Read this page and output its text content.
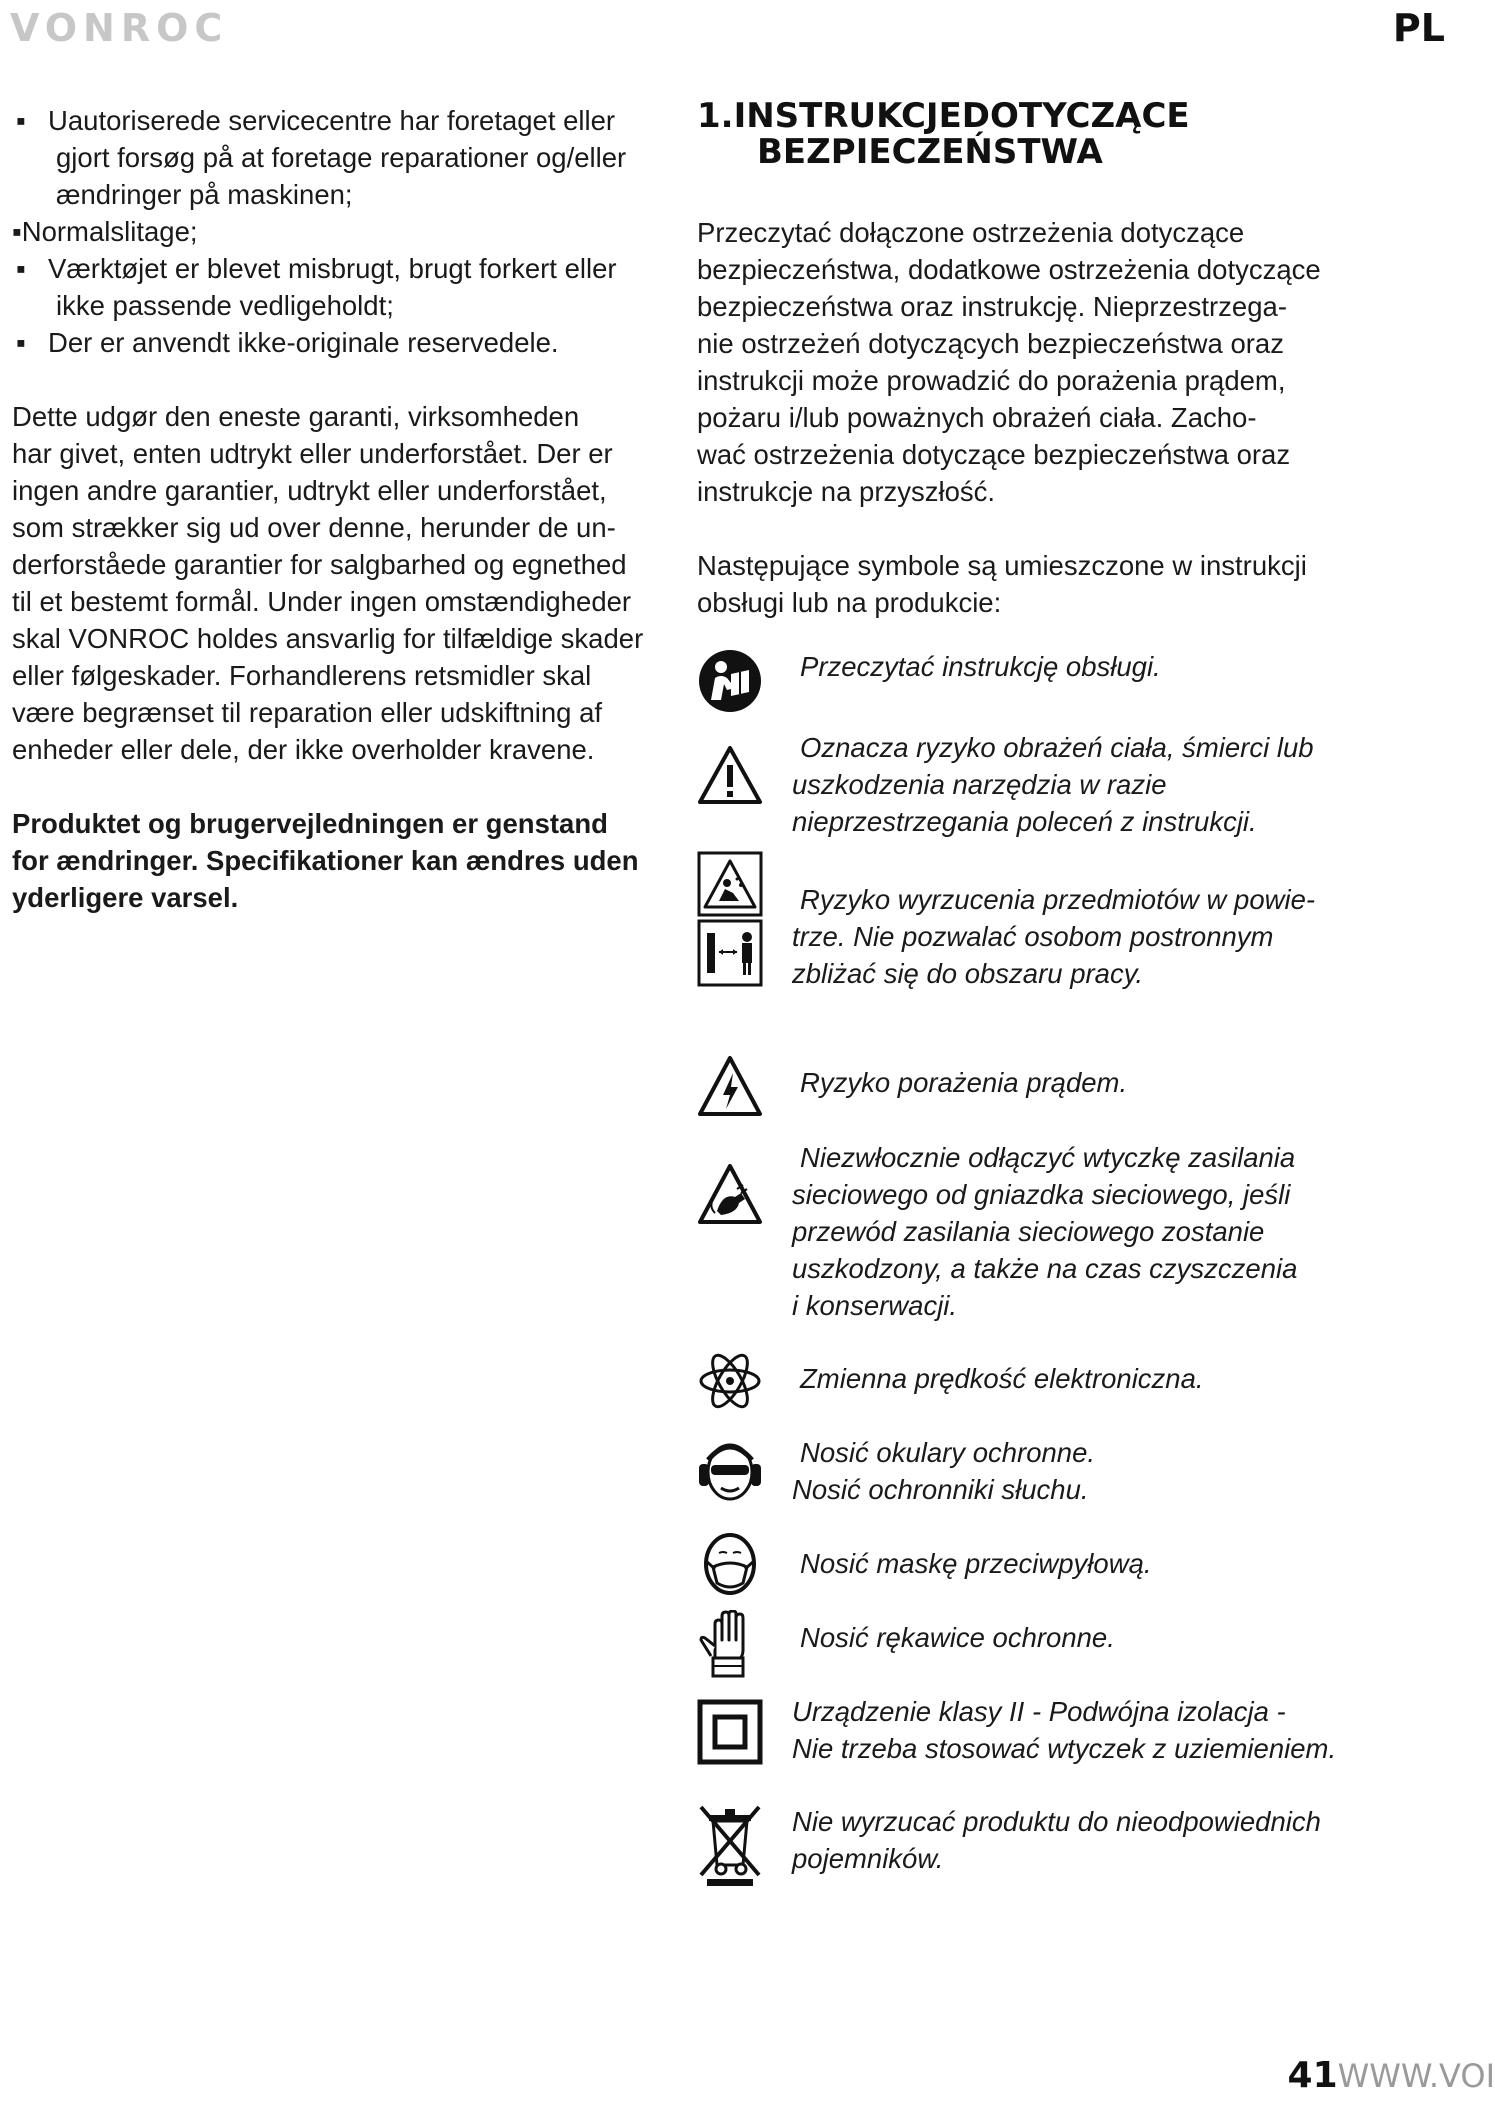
VONROC	PL
▪ Uautoriserede servicecentre har foretaget eller
gjort forsøg på at foretage reparationer og/eller
ændringer på maskinen;
▪Normalslitage;
▪ Værktøjet er blevet misbrugt, brugt forkert eller
ikke passende vedligeholdt;
▪ Der er anvendt ikke-originale reservedele.

Dette udgør den eneste garanti, virksomheden
har givet, enten udtrykt eller underforstået. Der er
ingen andre garantier, udtrykt eller underforstået,
som strækker sig ud over denne, herunder de un-
derforståede garantier for salgbarhed og egnethed
til et bestemt formål. Under ingen omstændigheder
skal VONROC holdes ansvarlig for tilfældige skader
eller følgeskader. Forhandlerens retsmidler skal
være begrænset til reparation eller udskiftning af
enheder eller dele, der ikke overholder kravene.

Produktet og brugervejledningen er genstand
for ændringer. Specifikationer kan ændres uden
yderligere varsel.

1.INSTRUKCJEDOTYCZĄCE
BEZPIECZEŃSTWA

Przeczytać dołączone ostrzeżenia dotyczące
bezpieczeństwa, dodatkowe ostrzeżenia dotyczące
bezpieczeństwa oraz instrukcję. Nieprzestrzega-
nie ostrzeżeń dotyczących bezpieczeństwa oraz
instrukcji może prowadzić do porażenia prądem,
pożaru i/lub poważnych obrażeń ciała. Zacho-
wać ostrzeżenia dotyczące bezpieczeństwa oraz
instrukcje na przyszłość.

Następujące symbole są umieszczone w instrukcji
obsługi lub na produkcie:

Przeczytać instrukcję obsługi.
Oznacza ryzyko obrażeń ciała, śmierci lub
uszkodzenia narzędzia w razie
nieprzestrzegania poleceń z instrukcji.
Ryzyko wyrzucenia przedmiotów w powie-
trze. Nie pozwalać osobom postronnym
zbliżać się do obszaru pracy.
Ryzyko porażenia prądem.
Niezwłocznie odłączyć wtyczkę zasilania
sieciowego od gniazdka sieciowego, jeśli
przewód zasilania sieciowego zostanie
uszkodzony, a także na czas czyszczenia
i konserwacji.
Zmienna prędkość elektroniczna.
Nosić okulary ochronne.
Nosić ochronniki słuchu.
Nosić maskę przeciwpyłową.
Nosić rękawice ochronne.
Urządzenie klasy II - Podwójna izolacja -
Nie trzeba stosować wtyczek z uziemieniem.
Nie wyrzucać produktu do nieodpowiednich
pojemników.
41WWW.VOI
